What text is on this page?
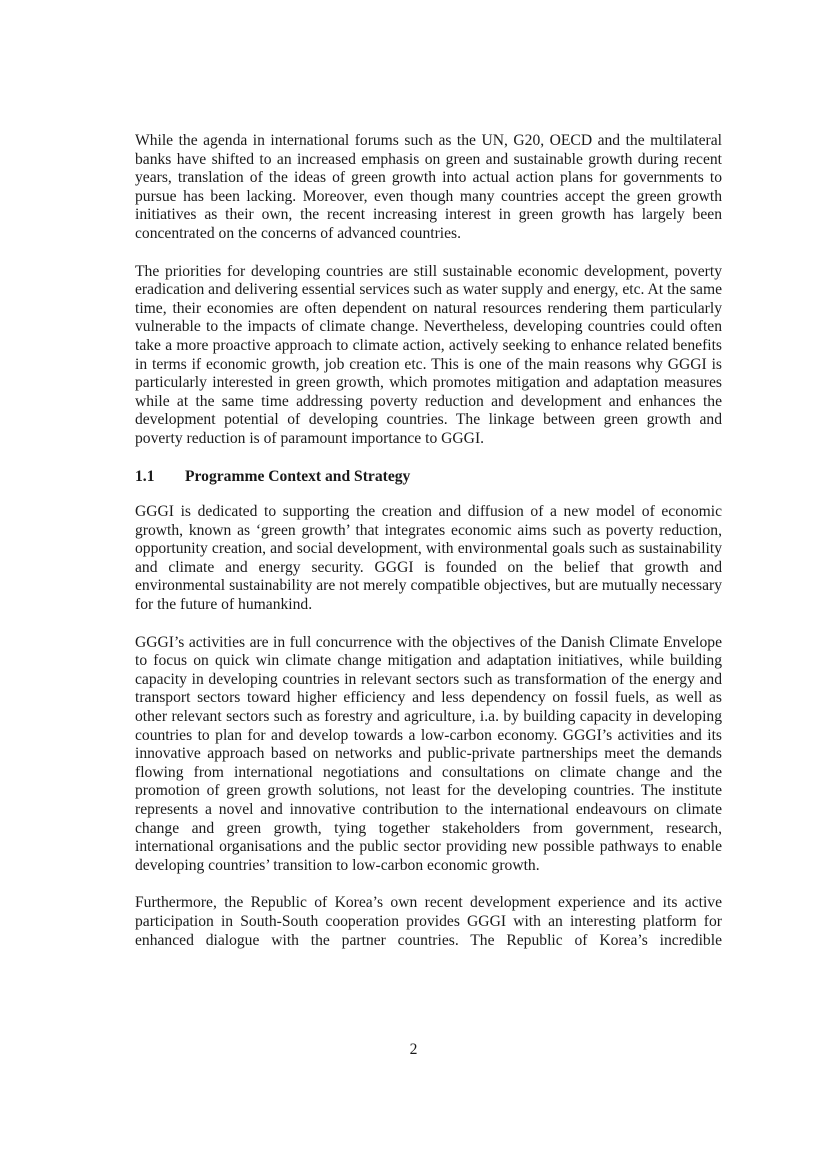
While the agenda in international forums such as the UN, G20, OECD and the multilateral banks have shifted to an increased emphasis on green and sustainable growth during recent years, translation of the ideas of green growth into actual action plans for governments to pursue has been lacking. Moreover, even though many countries accept the green growth initiatives as their own, the recent increasing interest in green growth has largely been concentrated on the concerns of advanced countries.

The priorities for developing countries are still sustainable economic development, poverty eradication and delivering essential services such as water supply and energy, etc. At the same time, their economies are often dependent on natural resources rendering them particularly vulnerable to the impacts of climate change. Nevertheless, developing countries could often take a more proactive approach to climate action, actively seeking to enhance related benefits in terms if economic growth, job creation etc. This is one of the main reasons why GGGI is particularly interested in green growth, which promotes mitigation and adaptation measures while at the same time addressing poverty reduction and development and enhances the development potential of developing countries. The linkage between green growth and poverty reduction is of paramount importance to GGGI.

1.1	Programme Context and Strategy

GGGI is dedicated to supporting the creation and diffusion of a new model of economic growth, known as ‘green growth’ that integrates economic aims such as poverty reduction, opportunity creation, and social development, with environmental goals such as sustainability and climate and energy security. GGGI is founded on the belief that growth and environmental sustainability are not merely compatible objectives, but are mutually necessary for the future of humankind.

GGGI’s activities are in full concurrence with the objectives of the Danish Climate Envelope to focus on quick win climate change mitigation and adaptation initiatives, while building capacity in developing countries in relevant sectors such as transformation of the energy and transport sectors toward higher efficiency and less dependency on fossil fuels, as well as other relevant sectors such as forestry and agriculture, i.a. by building capacity in developing countries to plan for and develop towards a low-carbon economy. GGGI’s activities and its innovative approach based on networks and public-private partnerships meet the demands flowing from international negotiations and consultations on climate change and the promotion of green growth solutions, not least for the developing countries. The institute represents a novel and innovative contribution to the international endeavours on climate change and green growth, tying together stakeholders from government, research, international organisations and the public sector providing new possible pathways to enable developing countries’ transition to low-carbon economic growth.

Furthermore, the Republic of Korea’s own recent development experience and its active participation in South-South cooperation provides GGGI with an interesting platform for enhanced dialogue with the partner countries. The Republic of Korea’s incredible

2
